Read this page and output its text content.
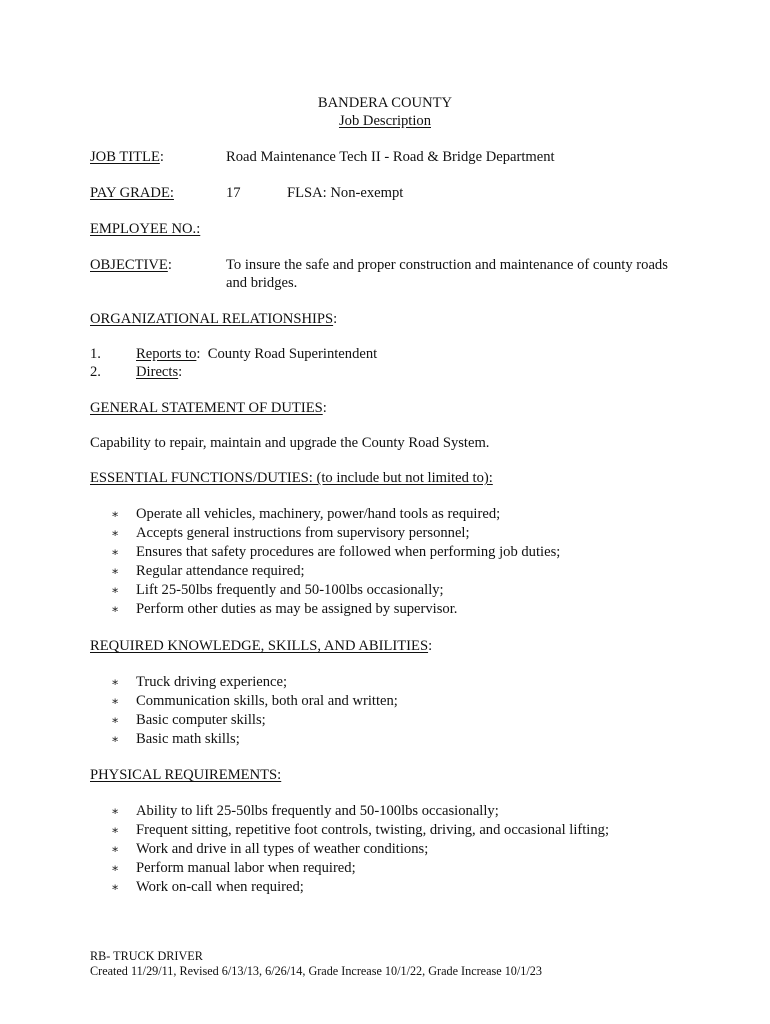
BANDERA COUNTY
Job Description
JOB TITLE:	Road Maintenance Tech II - Road & Bridge Department
PAY GRADE:	17	FLSA: Non-exempt
EMPLOYEE NO.:
OBJECTIVE:	To insure the safe and proper construction and maintenance of county roads
and bridges.
ORGANIZATIONAL RELATIONSHIPS:
1. Reports to:  County Road Superintendent
2. Directs:
GENERAL STATEMENT OF DUTIES:
Capability to repair, maintain and upgrade the County Road System.
ESSENTIAL FUNCTIONS/DUTIES: (to include but not limited to):
∗ Operate all vehicles, machinery, power/hand tools as required;
∗ Accepts general instructions from supervisory personnel;
∗ Ensures that safety procedures are followed when performing job duties;
∗ Regular attendance required;
∗ Lift 25-50lbs frequently and 50-100lbs occasionally;
∗ Perform other duties as may be assigned by supervisor.
REQUIRED KNOWLEDGE, SKILLS, AND ABILITIES:
∗ Truck driving experience;
∗ Communication skills, both oral and written;
∗ Basic computer skills;
∗ Basic math skills;
PHYSICAL REQUIREMENTS:
∗ Ability to lift 25-50lbs frequently and 50-100lbs occasionally;
∗ Frequent sitting, repetitive foot controls, twisting, driving, and occasional lifting;
∗ Work and drive in all types of weather conditions;
∗ Perform manual labor when required;
∗ Work on-call when required;
RB- TRUCK DRIVER
Created 11/29/11, Revised 6/13/13, 6/26/14, Grade Increase 10/1/22, Grade Increase 10/1/23
